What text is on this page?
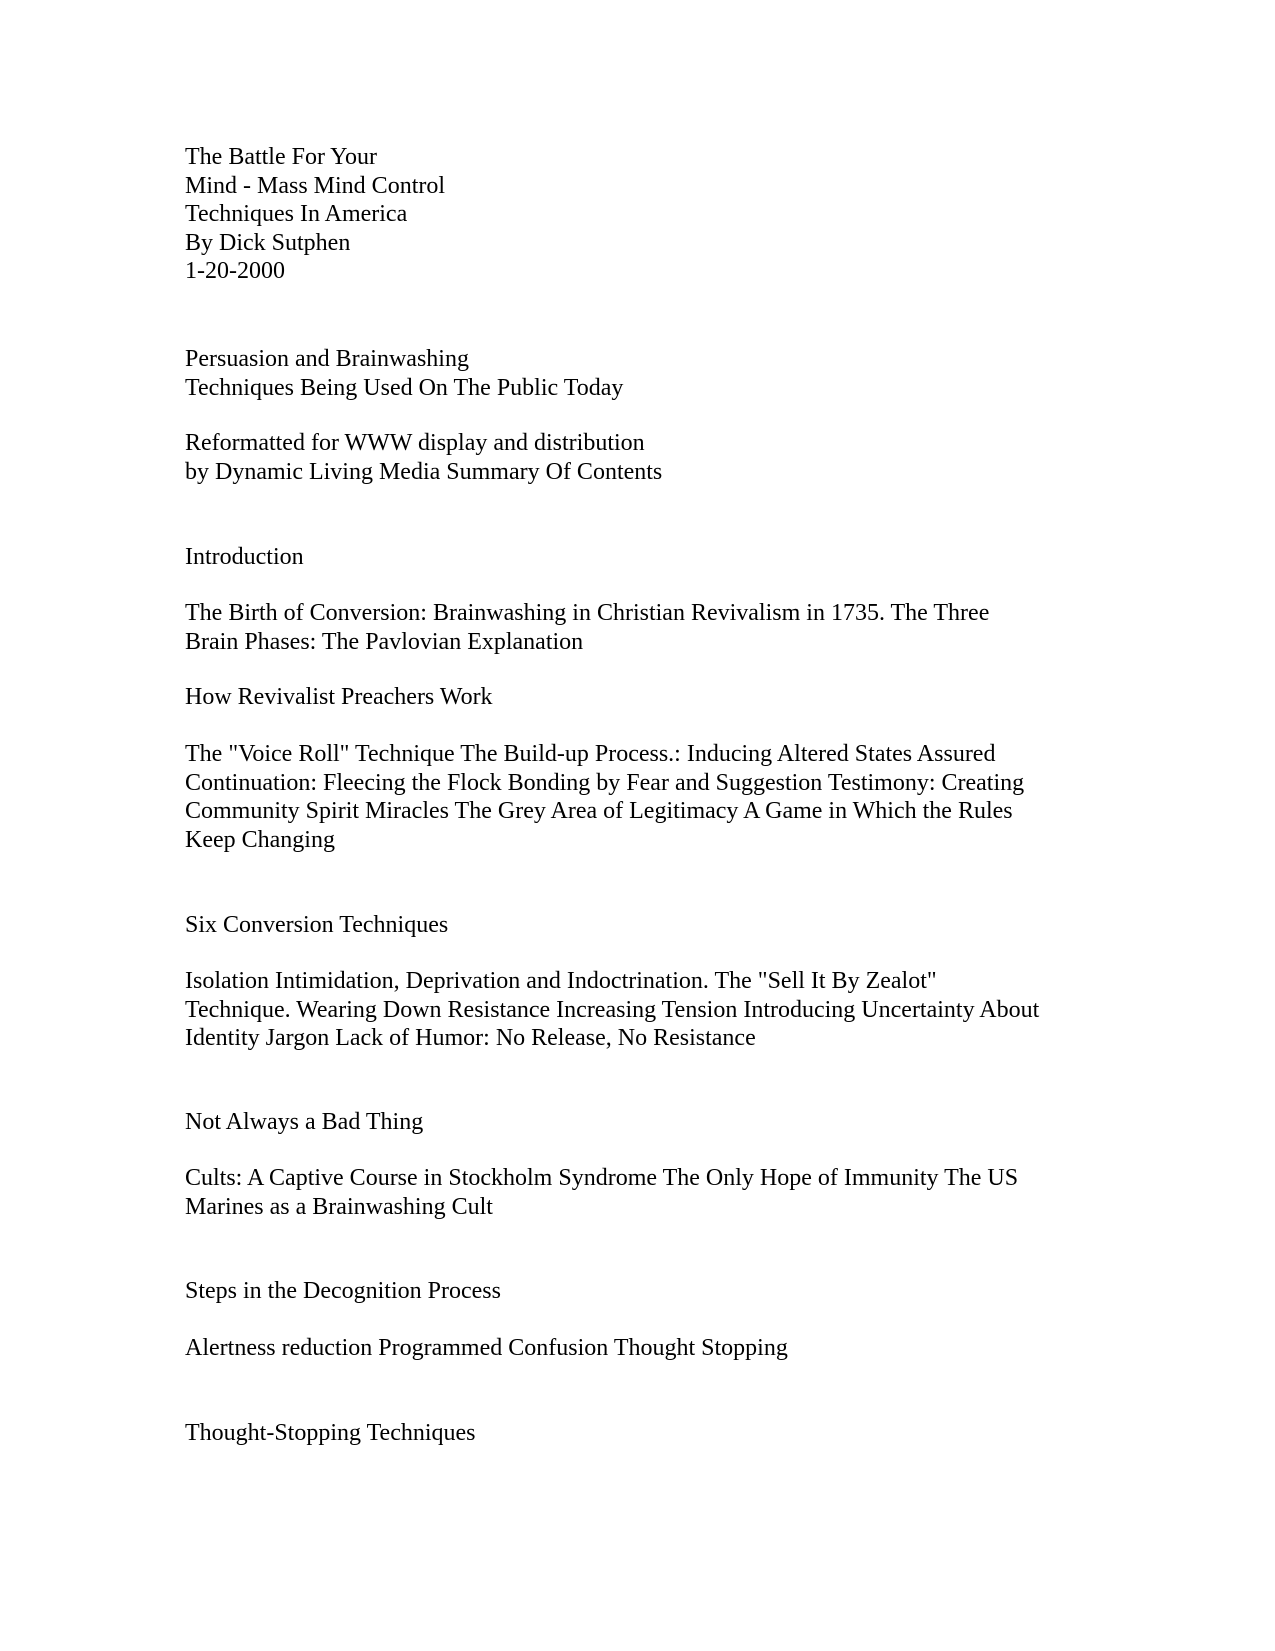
The Battle For Your
Mind - Mass Mind Control
Techniques In America
By Dick Sutphen
1-20-2000
Persuasion and Brainwashing
Techniques Being Used On The Public Today
Reformatted for WWW display and distribution
by Dynamic Living Media Summary Of Contents
Introduction
The Birth of Conversion: Brainwashing in Christian Revivalism in 1735. The Three
Brain Phases: The Pavlovian Explanation
How Revivalist Preachers Work
The "Voice Roll" Technique The Build-up Process.: Inducing Altered States Assured
Continuation: Fleecing the Flock Bonding by Fear and Suggestion Testimony: Creating
Community Spirit Miracles The Grey Area of Legitimacy A Game in Which the Rules
Keep Changing
Six Conversion Techniques
Isolation Intimidation, Deprivation and Indoctrination. The "Sell It By Zealot"
Technique. Wearing Down Resistance Increasing Tension Introducing Uncertainty About
Identity Jargon Lack of Humor: No Release, No Resistance
Not Always a Bad Thing
Cults: A Captive Course in Stockholm Syndrome The Only Hope of Immunity The US
Marines as a Brainwashing Cult
Steps in the Decognition Process
Alertness reduction Programmed Confusion Thought Stopping
Thought-Stopping Techniques
